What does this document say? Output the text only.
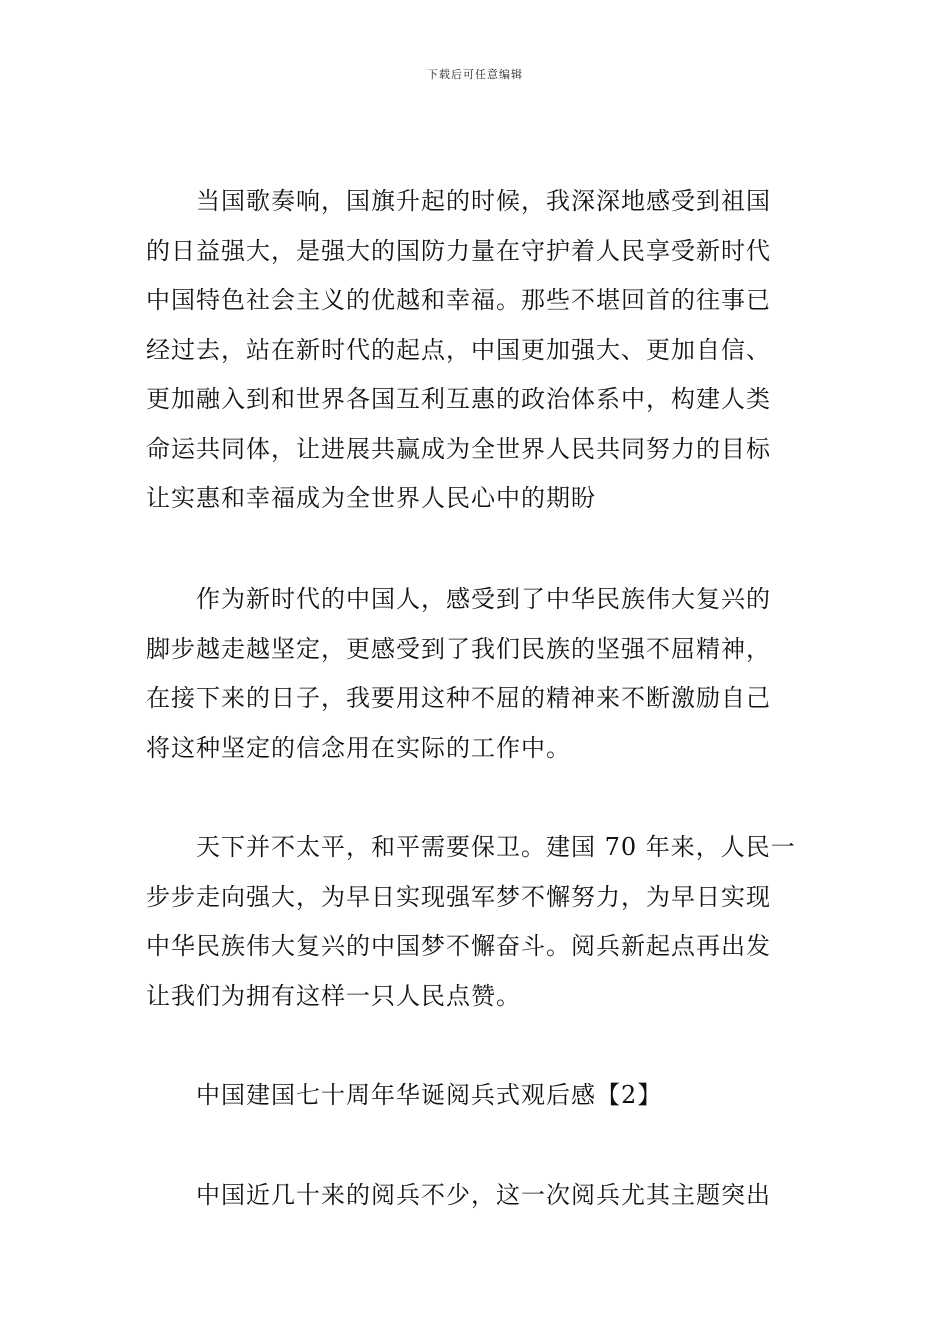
下载后可任意编辑
当国歌奏响，国旗升起的时候，我深深地感受到祖国
的日益强大，是强大的国防力量在守护着人民享受新时代
中国特色社会主义的优越和幸福。那些不堪回首的往事已
经过去，站在新时代的起点，中国更加强大、更加自信、
更加融入到和世界各国互利互惠的政治体系中，构建人类
命运共同体，让进展共赢成为全世界人民共同努力的目标
让实惠和幸福成为全世界人民心中的期盼
作为新时代的中国人，感受到了中华民族伟大复兴的
脚步越走越坚定，更感受到了我们民族的坚强不屈精神，
在接下来的日子，我要用这种不屈的精神来不断激励自己
将这种坚定的信念用在实际的工作中。
天下并不太平，和平需要保卫。建国 70 年来，人民一
步步走向强大，为早日实现强军梦不懈努力，为早日实现
中华民族伟大复兴的中国梦不懈奋斗。阅兵新起点再出发
让我们为拥有这样一只人民点赞。
中国建国七十周年华诞阅兵式观后感【2】
中国近几十来的阅兵不少，这一次阅兵尤其主题突出
